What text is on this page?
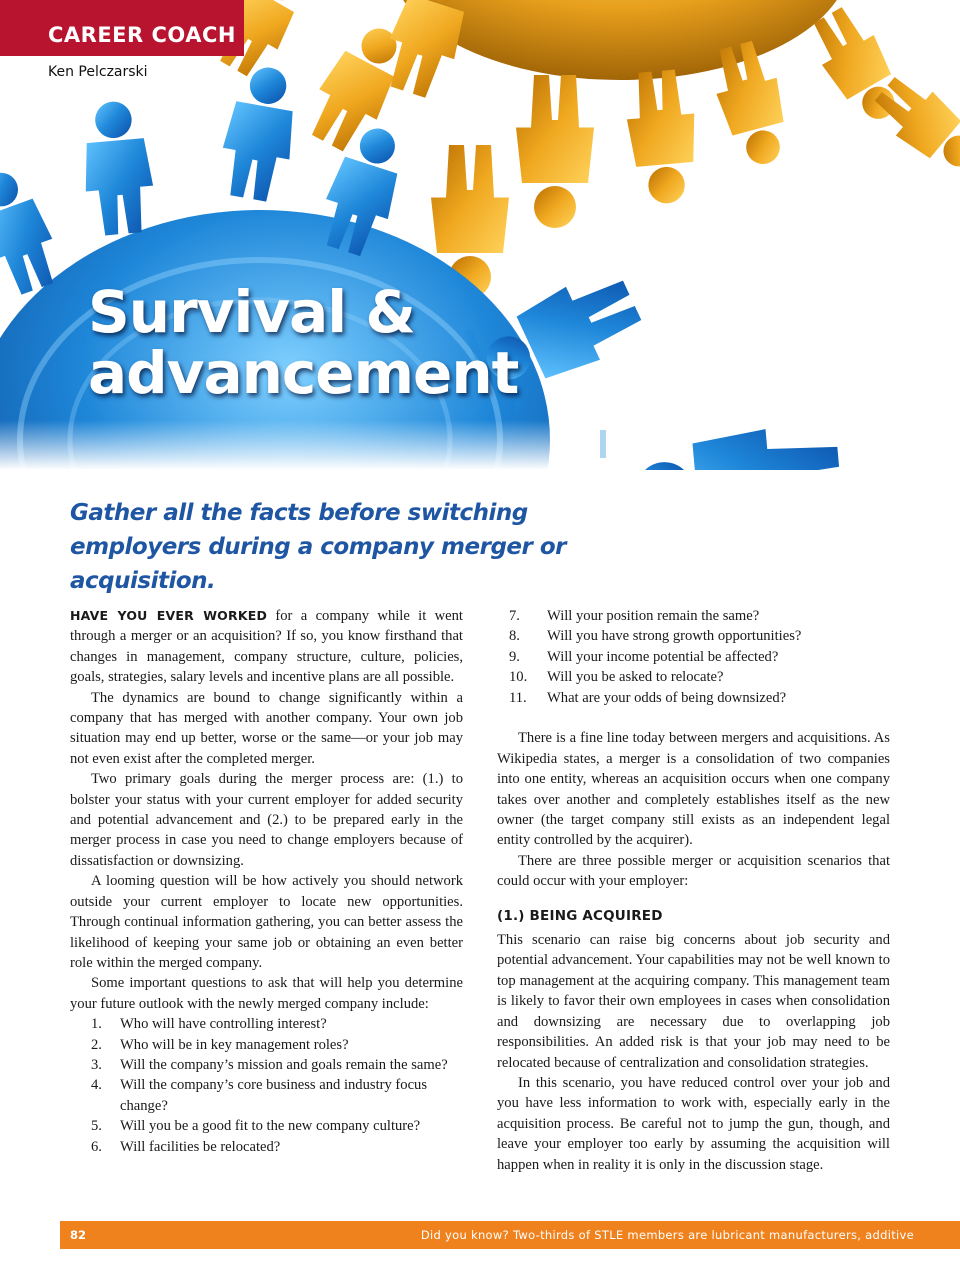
CAREER COACH
Ken Pelczarski
Survival &
advancement
Gather all the facts before switching employers during a company merger or acquisition.

HAVE YOU EVER WORKED for a company while it went through a merger or an acquisition? If so, you know firsthand that changes in management, company structure, culture, policies, goals, strategies, salary levels and incentive plans are all possible.

The dynamics are bound to change significantly within a company that has merged with another company. Your own job situation may end up better, worse or the same—or your job may not even exist after the completed merger.

Two primary goals during the merger process are: (1.) to bolster your status with your current employer for added security and potential advancement and (2.) to be prepared early in the merger process in case you need to change employers because of dissatisfaction or downsizing.

A looming question will be how actively you should network outside your current employer to locate new opportunities. Through continual information gathering, you can better assess the likelihood of keeping your same job or obtaining an even better role within the merged company.

Some important questions to ask that will help you determine your future outlook with the newly merged company include:

1.	Who will have controlling interest?
2.	Who will be in key management roles?
3.	Will the company’s mission and goals remain the same?
4.	Will the company’s core business and industry focus change?
5.	Will you be a good fit to the new company culture?
6.	Will facilities be relocated?
7.	Will your position remain the same?
8.	Will you have strong growth opportunities?
9.	Will your income potential be affected?
10.	Will you be asked to relocate?
11.	What are your odds of being downsized?

There is a fine line today between mergers and acquisitions. As Wikipedia states, a merger is a consolidation of two companies into one entity, whereas an acquisition occurs when one company takes over another and completely establishes itself as the new owner (the target company still exists as an independent legal entity controlled by the acquirer).

There are three possible merger or acquisition scenarios that could occur with your employer:

(1.) BEING ACQUIRED

This scenario can raise big concerns about job security and potential advancement. Your capabilities may not be well known to top management at the acquiring company. This management team is likely to favor their own employees in cases when consolidation and downsizing are necessary due to overlapping job responsibilities. An added risk is that your job may need to be relocated because of centralization and consolidation strategies.

In this scenario, you have reduced control over your job and you have less information to work with, especially early in the acquisition process. Be careful not to jump the gun, though, and leave your employer too early by assuming the acquisition will happen when in reality it is only in the discussion stage.

82	Did you know? Two-thirds of STLE members are lubricant manufacturers, additive
